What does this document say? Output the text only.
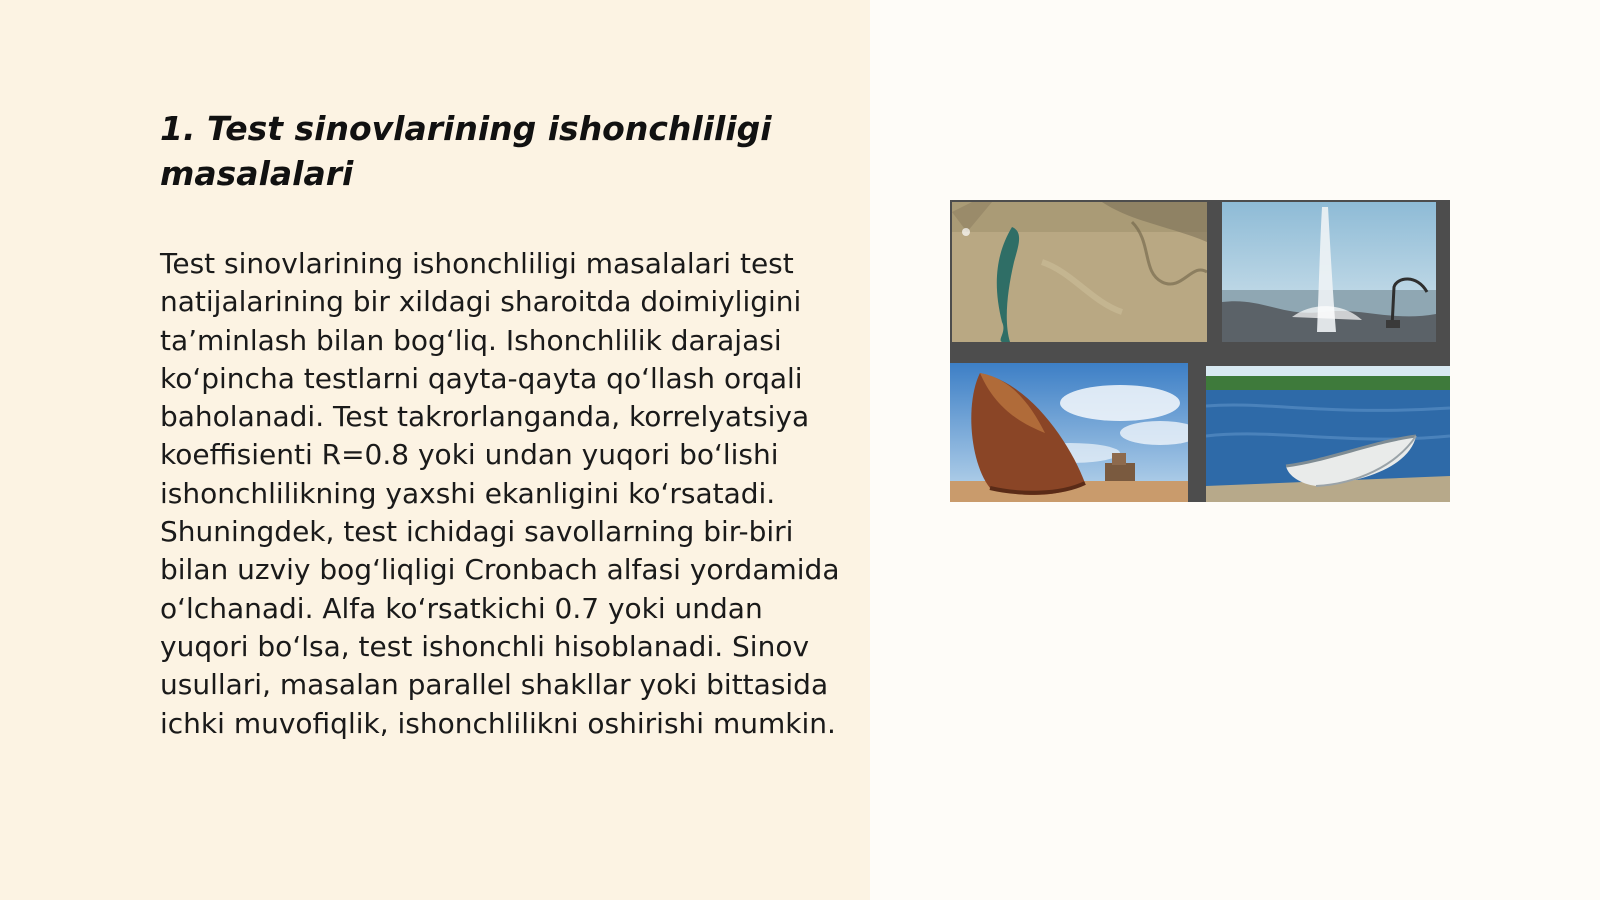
1. Test sinovlarining ishonchliligi masalalari

Test sinovlarining ishonchliligi masalalari test natijalarining bir xildagi sharoitda doimiyligini ta’minlash bilan bog‘liq. Ishonchlilik darajasi ko‘pincha testlarni qayta-qayta qo‘llash orqali baholanadi. Test takrorlanganda, korrelyatsiya koeffisienti R=0.8 yoki undan yuqori bo‘lishi ishonchlilikning yaxshi ekanligini ko‘rsatadi. Shuningdek, test ichidagi savollarning bir-biri bilan uzviy bog‘liqligi Cronbach alfasi yordamida o‘lchanadi. Alfa ko‘rsatkichi 0.7 yoki undan yuqori bo‘lsa, test ishonchli hisoblanadi. Sinov usullari, masalan parallel shakllar yoki bittasida ichki muvofiqlik, ishonchlilikni oshirishi mumkin.
